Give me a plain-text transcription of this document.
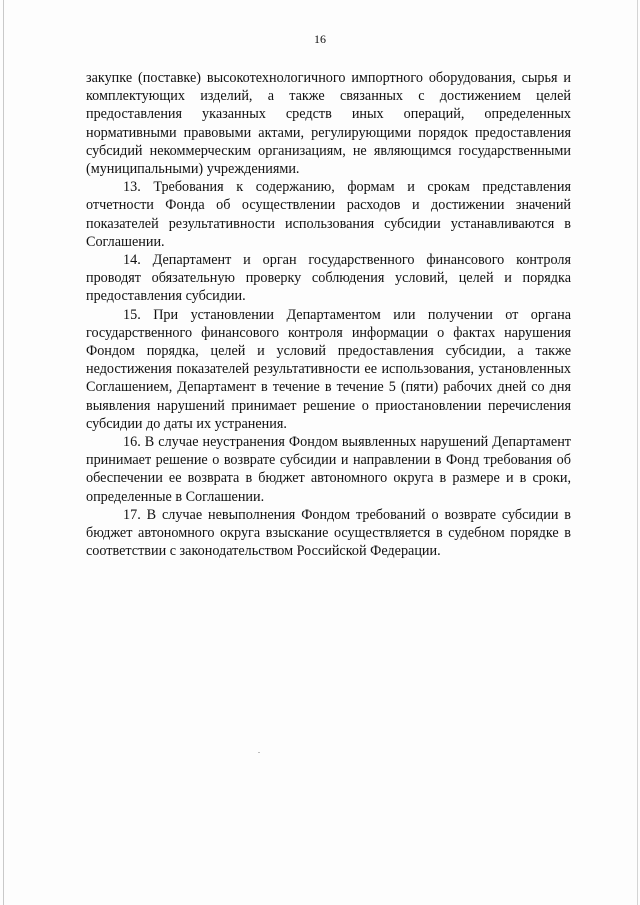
16

закупке (поставке) высокотехнологичного импортного оборудования, сырья и комплектующих изделий, а также связанных с достижением целей предоставления указанных средств иных операций, определенных нормативными правовыми актами, регулирующими порядок предоставления субсидий некоммерческим организациям, не являющимся государственными (муниципальными) учреждениями.

13. Требования к содержанию, формам и срокам представления отчетности Фонда об осуществлении расходов и достижении значений показателей результативности использования субсидии устанавливаются в Соглашении.

14. Департамент и орган государственного финансового контроля проводят обязательную проверку соблюдения условий, целей и порядка предоставления субсидии.

15. При установлении Департаментом или получении от органа государственного финансового контроля информации о фактах нарушения Фондом порядка, целей и условий предоставления субсидии, а также недостижения показателей результативности ее использования, установленных Соглашением, Департамент в течение в течение 5 (пяти) рабочих дней со дня выявления нарушений принимает решение о приостановлении перечисления субсидии до даты их устранения.

16. В случае неустранения Фондом выявленных нарушений Департамент принимает решение о возврате субсидии и направлении в Фонд требования об обеспечении ее возврата в бюджет автономного округа в размере и в сроки, определенные в Соглашении.

17. В случае невыполнения Фондом требований о возврате субсидии в бюджет автономного округа взыскание осуществляется в судебном порядке в соответствии с законодательством Российской Федерации.
